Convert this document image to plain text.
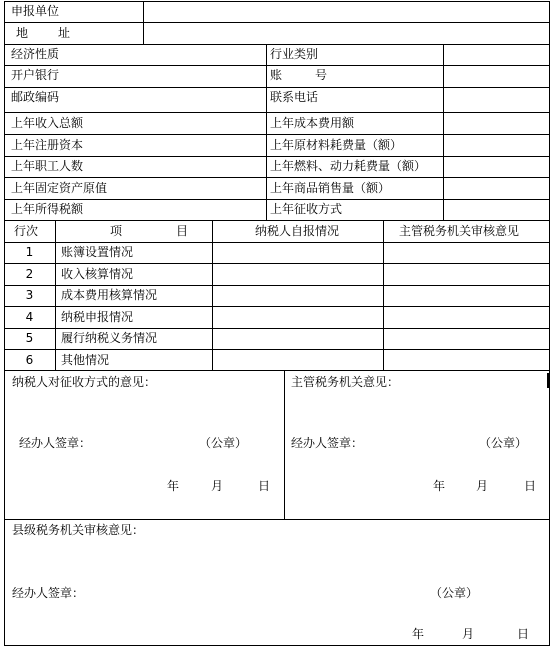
申报单位
地 址
经济性质	行业类别
开户银行	账	号
邮政编码	联系电话
上年收入总额	上年成本费用额
上年注册资本	上年原材料耗费量（额）
上年职工人数	上年燃料、动力耗费量（额）
上年固定资产原值	上年商品销售量（额）
上年所得税额	上年征收方式
行次	项	目	纳税人自报情况	主管税务机关审核意见
1	账簿设置情况
2	收入核算情况
3	成本费用核算情况
4	纳税申报情况
5	履行纳税义务情况
6	其他情况
纳税人对征收方式的意见：
经办人签章：	（公章）
年	月	日
主管税务机关意见：
经办人签章：	（公章）
年	月	日
县级税务机关审核意见：
经办人签章：	（公章）
年	月	日
